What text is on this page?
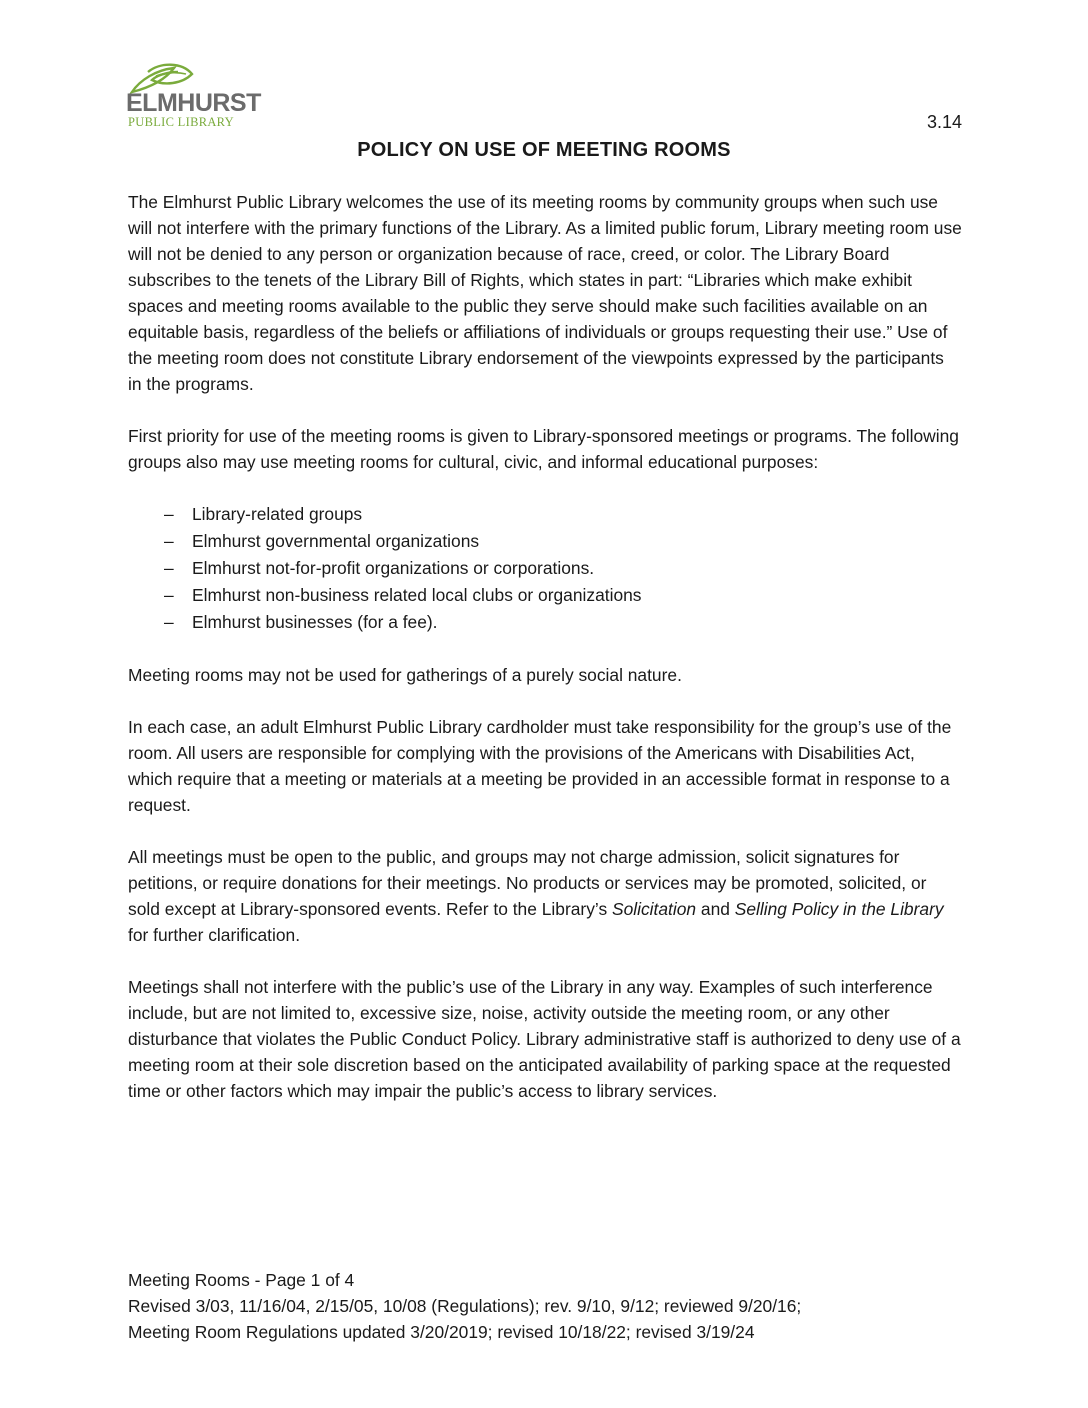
ELMHURST
PUBLIC LIBRARY	3.14
POLICY ON USE OF MEETING ROOMS

The Elmhurst Public Library welcomes the use of its meeting rooms by community groups when such use will not interfere with the primary functions of the Library. As a limited public forum, Library meeting room use will not be denied to any person or organization because of race, creed, or color. The Library Board subscribes to the tenets of the Library Bill of Rights, which states in part: “Libraries which make exhibit spaces and meeting rooms available to the public they serve should make such facilities available on an equitable basis, regardless of the beliefs or affiliations of individuals or groups requesting their use.” Use of the meeting room does not constitute Library endorsement of the viewpoints expressed by the participants in the programs.

First priority for use of the meeting rooms is given to Library-sponsored meetings or programs. The following groups also may use meeting rooms for cultural, civic, and informal educational purposes:

– Library-related groups
– Elmhurst governmental organizations
– Elmhurst not-for-profit organizations or corporations.
– Elmhurst non-business related local clubs or organizations
– Elmhurst businesses (for a fee).

Meeting rooms may not be used for gatherings of a purely social nature.

In each case, an adult Elmhurst Public Library cardholder must take responsibility for the group’s use of the room. All users are responsible for complying with the provisions of the Americans with Disabilities Act, which require that a meeting or materials at a meeting be provided in an accessible format in response to a request.

All meetings must be open to the public, and groups may not charge admission, solicit signatures for petitions, or require donations for their meetings. No products or services may be promoted, solicited, or sold except at Library-sponsored events. Refer to the Library’s Solicitation and Selling Policy in the Library for further clarification.

Meetings shall not interfere with the public’s use of the Library in any way. Examples of such interference include, but are not limited to, excessive size, noise, activity outside the meeting room, or any other disturbance that violates the Public Conduct Policy. Library administrative staff is authorized to deny use of a meeting room at their sole discretion based on the anticipated availability of parking space at the requested time or other factors which may impair the public’s access to library services.

Meeting Rooms - Page 1 of 4
Revised 3/03, 11/16/04, 2/15/05, 10/08 (Regulations); rev. 9/10, 9/12; reviewed 9/20/16;
Meeting Room Regulations updated 3/20/2019; revised 10/18/22; revised 3/19/24
